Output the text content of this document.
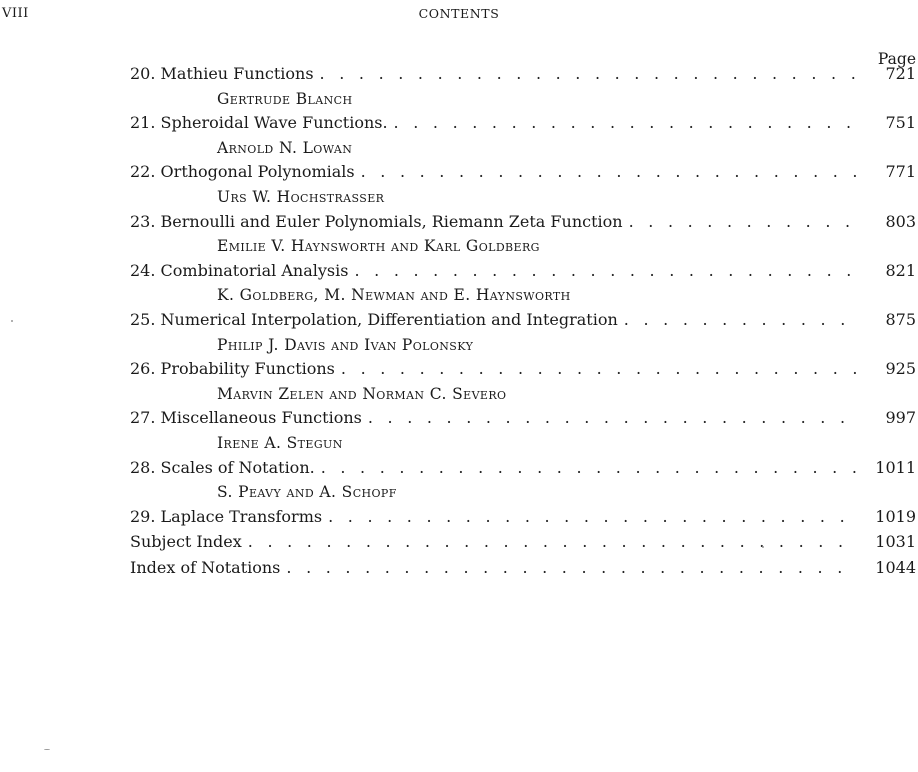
VIII	CONTENTS
Page
20. Mathieu Functions . . .	721
Gertrude Blanch
21. Spheroidal Wave Functions. . . .	751
Arnold N. Lowan
22. Orthogonal Polynomials . . .	771
Urs W. Hochstrasser
23. Bernoulli and Euler Polynomials, Riemann Zeta Function . . .	803
Emilie V. Haynsworth and Karl Goldberg
24. Combinatorial Analysis . . .	821
K. Goldberg, M. Newman and E. Haynsworth
25. Numerical Interpolation, Differentiation and Integration . . .	875
Philip J. Davis and Ivan Polonsky
26. Probability Functions . . .	925
Marvin Zelen and Norman C. Severo
27. Miscellaneous Functions . . .	997
Irene A. Stegun
28. Scales of Notation. . . .	1011
S. Peavy and A. Schopf
29. Laplace Transforms . . .	1019
Subject Index . . .	1031
Index of Notations . . .	1044
